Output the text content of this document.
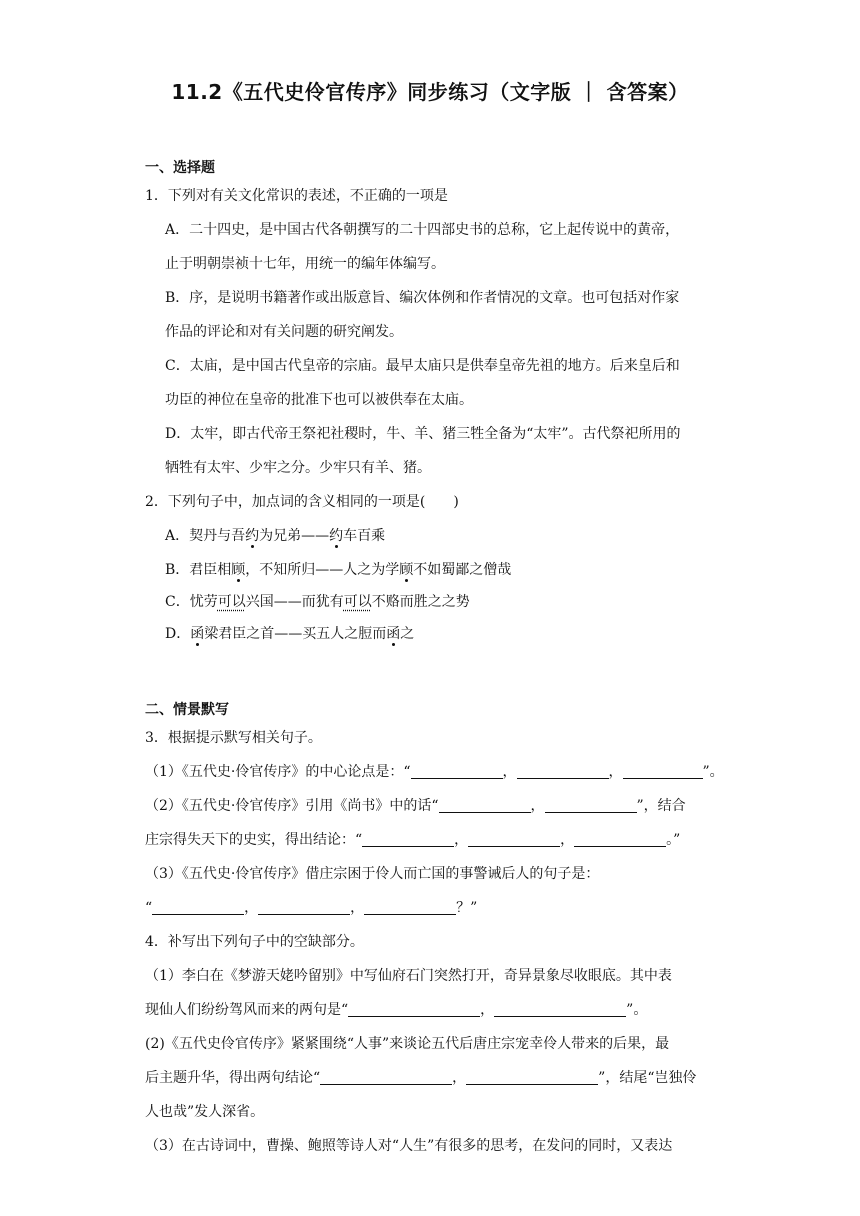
11.2《五代史伶官传序》同步练习（文字版 ｜ 含答案）
一、选择题
1．下列对有关文化常识的表述，不正确的一项是
A．二十四史，是中国古代各朝撰写的二十四部史书的总称，它上起传说中的黄帝，
止于明朝崇祯十七年，用统一的编年体编写。
B．序，是说明书籍著作或出版意旨、编次体例和作者情况的文章。也可包括对作家
作品的评论和对有关问题的研究阐发。
C．太庙，是中国古代皇帝的宗庙。最早太庙只是供奉皇帝先祖的地方。后来皇后和
功臣的神位在皇帝的批准下也可以被供奉在太庙。
D．太牢，即古代帝王祭祀社稷时，牛、羊、猪三牲全备为“太牢”。古代祭祀所用的
牺牲有太牢、少牢之分。少牢只有羊、猪。
2．下列句子中，加点词的含义相同的一项是(　　)
A．契丹与吾约为兄弟——约车百乘
B．君臣相顾，不知所归——人之为学顾不如蜀鄙之僧哉
C．忧劳可以兴国——而犹有可以不赂而胜之之势
D．函梁君臣之首——买五人之脰而函之
二、情景默写
3．根据提示默写相关句子。
（1）《五代史·伶官传序》的中心论点是：“	，	，	”。
（2）《五代史·伶官传序》引用《尚书》中的话“	，	”，结合
庄宗得失天下的史实，得出结论：“	，	，	。”
（3）《五代史·伶官传序》借庄宗困于伶人而亡国的事警诫后人的句子是：
“	，	，	？”
4．补写出下列句子中的空缺部分。
（1）李白在《梦游天姥吟留别》中写仙府石门突然打开，奇异景象尽收眼底。其中表
现仙人们纷纷驾风而来的两句是“	，	”。
(2)《五代史伶官传序》紧紧围绕“人事”来谈论五代后唐庄宗宠幸伶人带来的后果，最
后主题升华，得出两句结论“	，	”，结尾“岂独伶
人也哉”发人深省。
（3）在古诗词中，曹操、鲍照等诗人对“人生”有很多的思考，在发问的同时，又表达
